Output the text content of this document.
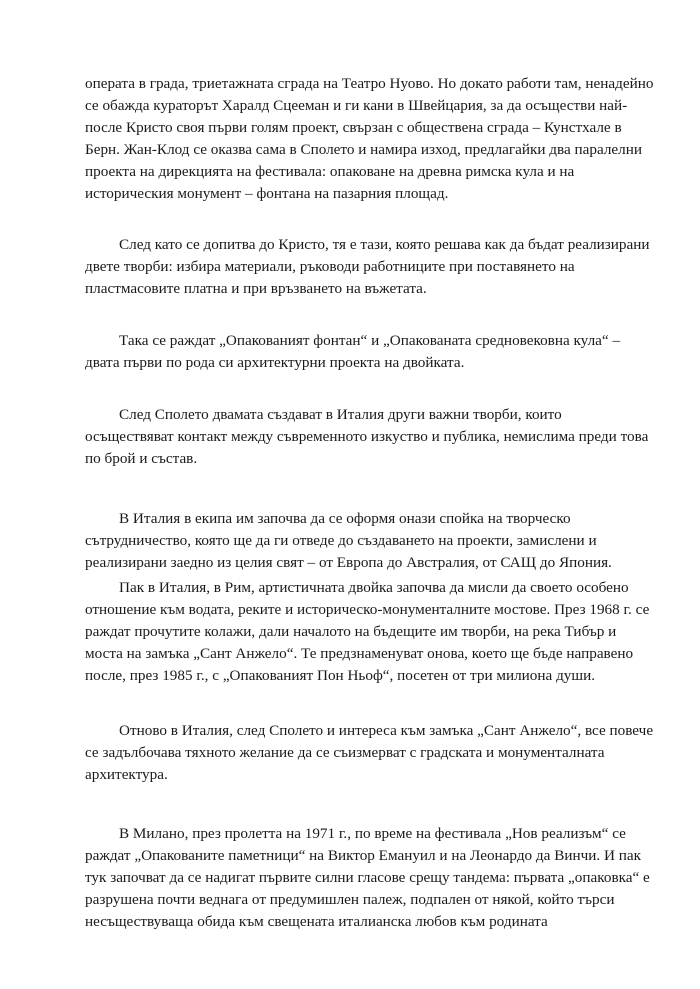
операта в града, триетажната сграда на Театро Нуово. Но докато работи там, ненадейно
се обажда кураторът Харалд Сцееман и ги кани в Швейцария, за да осъществи най-
после Кристо своя първи голям проект, свързан с обществена сграда – Кунстхале в
Берн. Жан-Клод се оказва сама в Сполето и намира изход, предлагайки два паралелни
проекта на дирекцията на фестивала: опаковане на древна римска кула и на
историческия монумент – фонтана на пазарния площад.

След като се допитва до Кристо, тя е тази, която решава как да бъдат реализирани
двете творби: избира материали, ръководи работниците при поставянето на
пластмасовите платна и при връзването на въжетата.

Така се раждат „Опакованият фонтан“ и „Опакованата средновековна кула“ –
двата първи по рода си архитектурни проекта на двойката.

След Сполето двамата създават в Италия други важни творби, които
осъществяват контакт между съвременното изкуство и публика, немислима преди това
по брой и състав.

В Италия в екипа им започва да се оформя онази спойка на творческо
сътрудничество, която ще да ги отведе до създаването на проекти, замислени и
реализирани заедно из целия свят – от Европа до Австралия, от САЩ до Япония.

Пак в Италия, в Рим, артистичната двойка започва да мисли да своето особено
отношение към водата, реките и историческо-монументалните мостове. През 1968 г. се
раждат прочутите колажи, дали началото на бъдещите им творби, на река Тибър и
моста на замъка „Сант Анжело“. Те предзнаменуват онова, което ще бъде направено
после, през 1985 г., с „Опакованият Пон Ньоф“, посетен от три милиона души.

Отново в Италия, след Сполето и интереса към замъка „Сант Анжело“, все повече
се задълбочава тяхното желание да се съизмерват с градската и монументалната
архитектура.

В Милано, през пролетта на 1971 г., по време на фестивала „Нов реализъм“ се
раждат „Опакованите паметници“ на Виктор Емануил и на Леонардо да Винчи. И пак
тук започват да се надигат първите силни гласове срещу тандема: първата „опаковка“ е
разрушена почти веднага от предумишлен палеж, подпален от някой, който търси
несъществуваща обида към свещената италианска любов към родината
